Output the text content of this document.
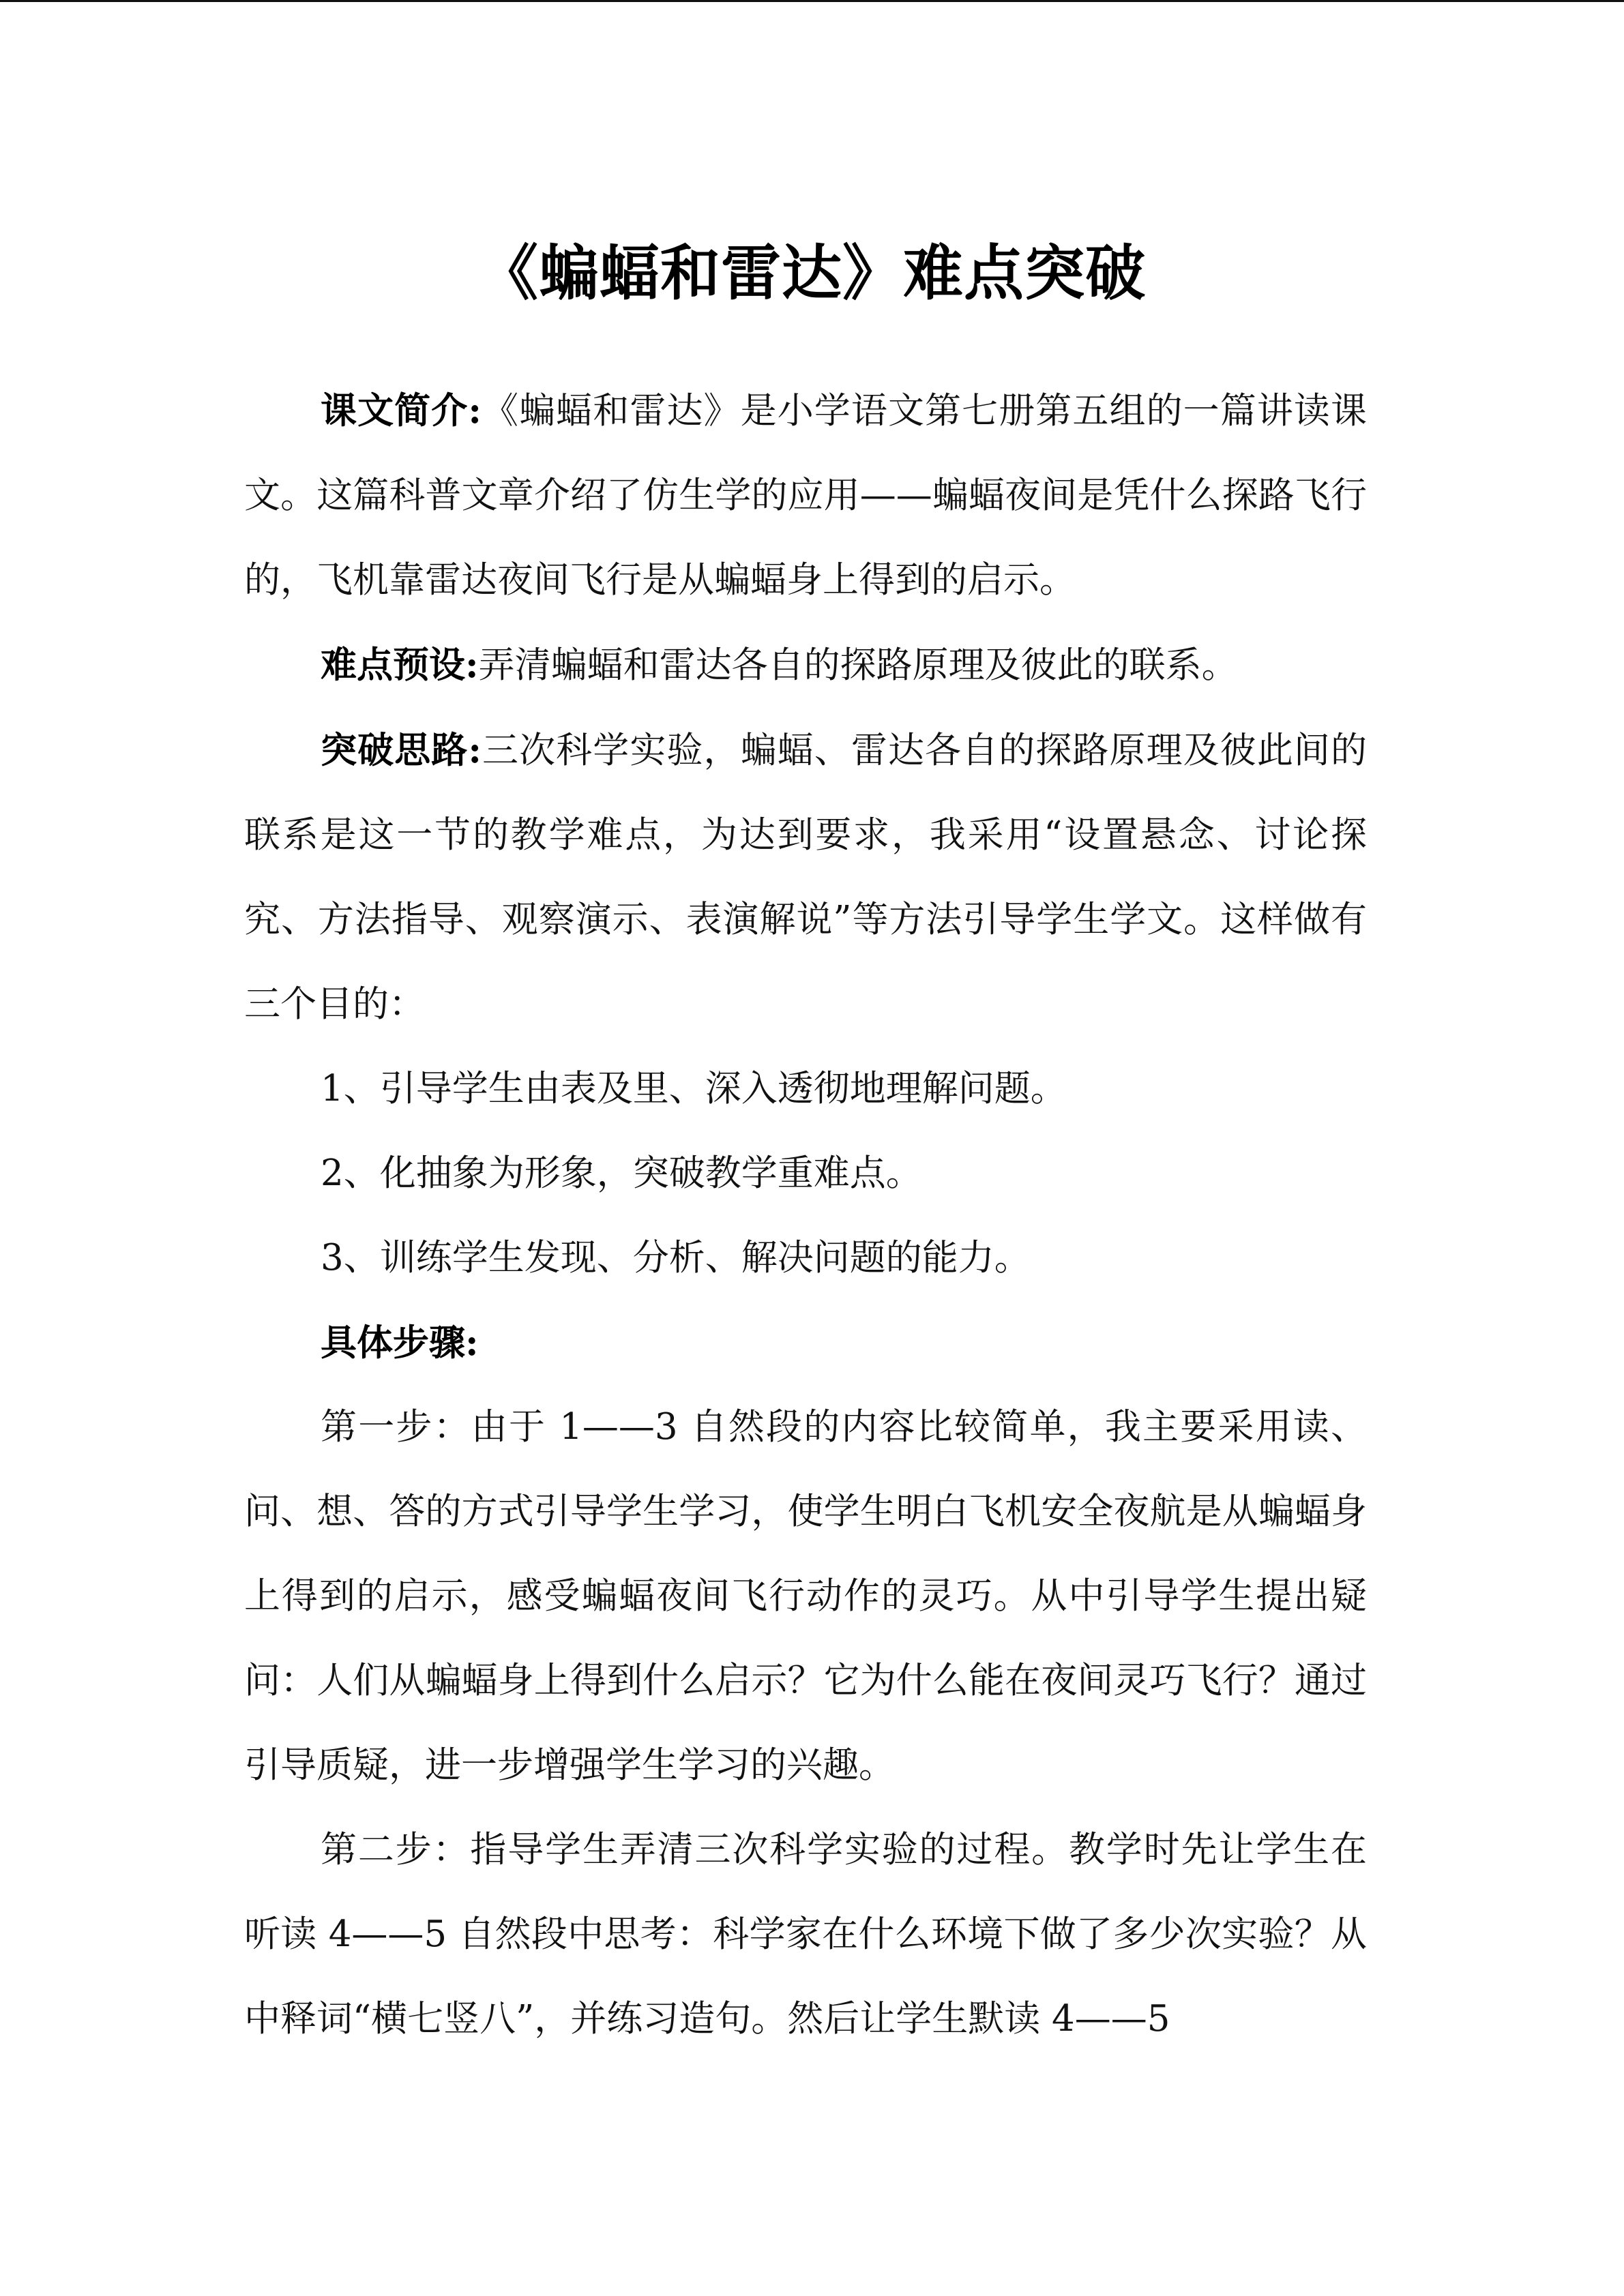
《蝙蝠和雷达》难点突破

课文简介:《蝙蝠和雷达》是小学语文第七册第五组的一篇讲读课文。这篇科普文章介绍了仿生学的应用——蝙蝠夜间是凭什么探路飞行的，飞机靠雷达夜间飞行是从蝙蝠身上得到的启示。

难点预设:弄清蝙蝠和雷达各自的探路原理及彼此的联系。

突破思路:三次科学实验，蝙蝠、雷达各自的探路原理及彼此间的联系是这一节的教学难点，为达到要求，我采用“设置悬念、讨论探究、方法指导、观察演示、表演解说”等方法引导学生学文。这样做有三个目的：

1、引导学生由表及里、深入透彻地理解问题。

2、化抽象为形象，突破教学重难点。

3、训练学生发现、分析、解决问题的能力。

具体步骤:

第一步：由于 1——3 自然段的内容比较简单，我主要采用读、问、想、答的方式引导学生学习，使学生明白飞机安全夜航是从蝙蝠身上得到的启示，感受蝙蝠夜间飞行动作的灵巧。从中引导学生提出疑问：人们从蝙蝠身上得到什么启示？它为什么能在夜间灵巧飞行？通过引导质疑，进一步增强学生学习的兴趣。

第二步：指导学生弄清三次科学实验的过程。教学时先让学生在听读 4——5 自然段中思考：科学家在什么环境下做了多少次实验？从中释词“横七竖八”，并练习造句。然后让学生默读 4——5
